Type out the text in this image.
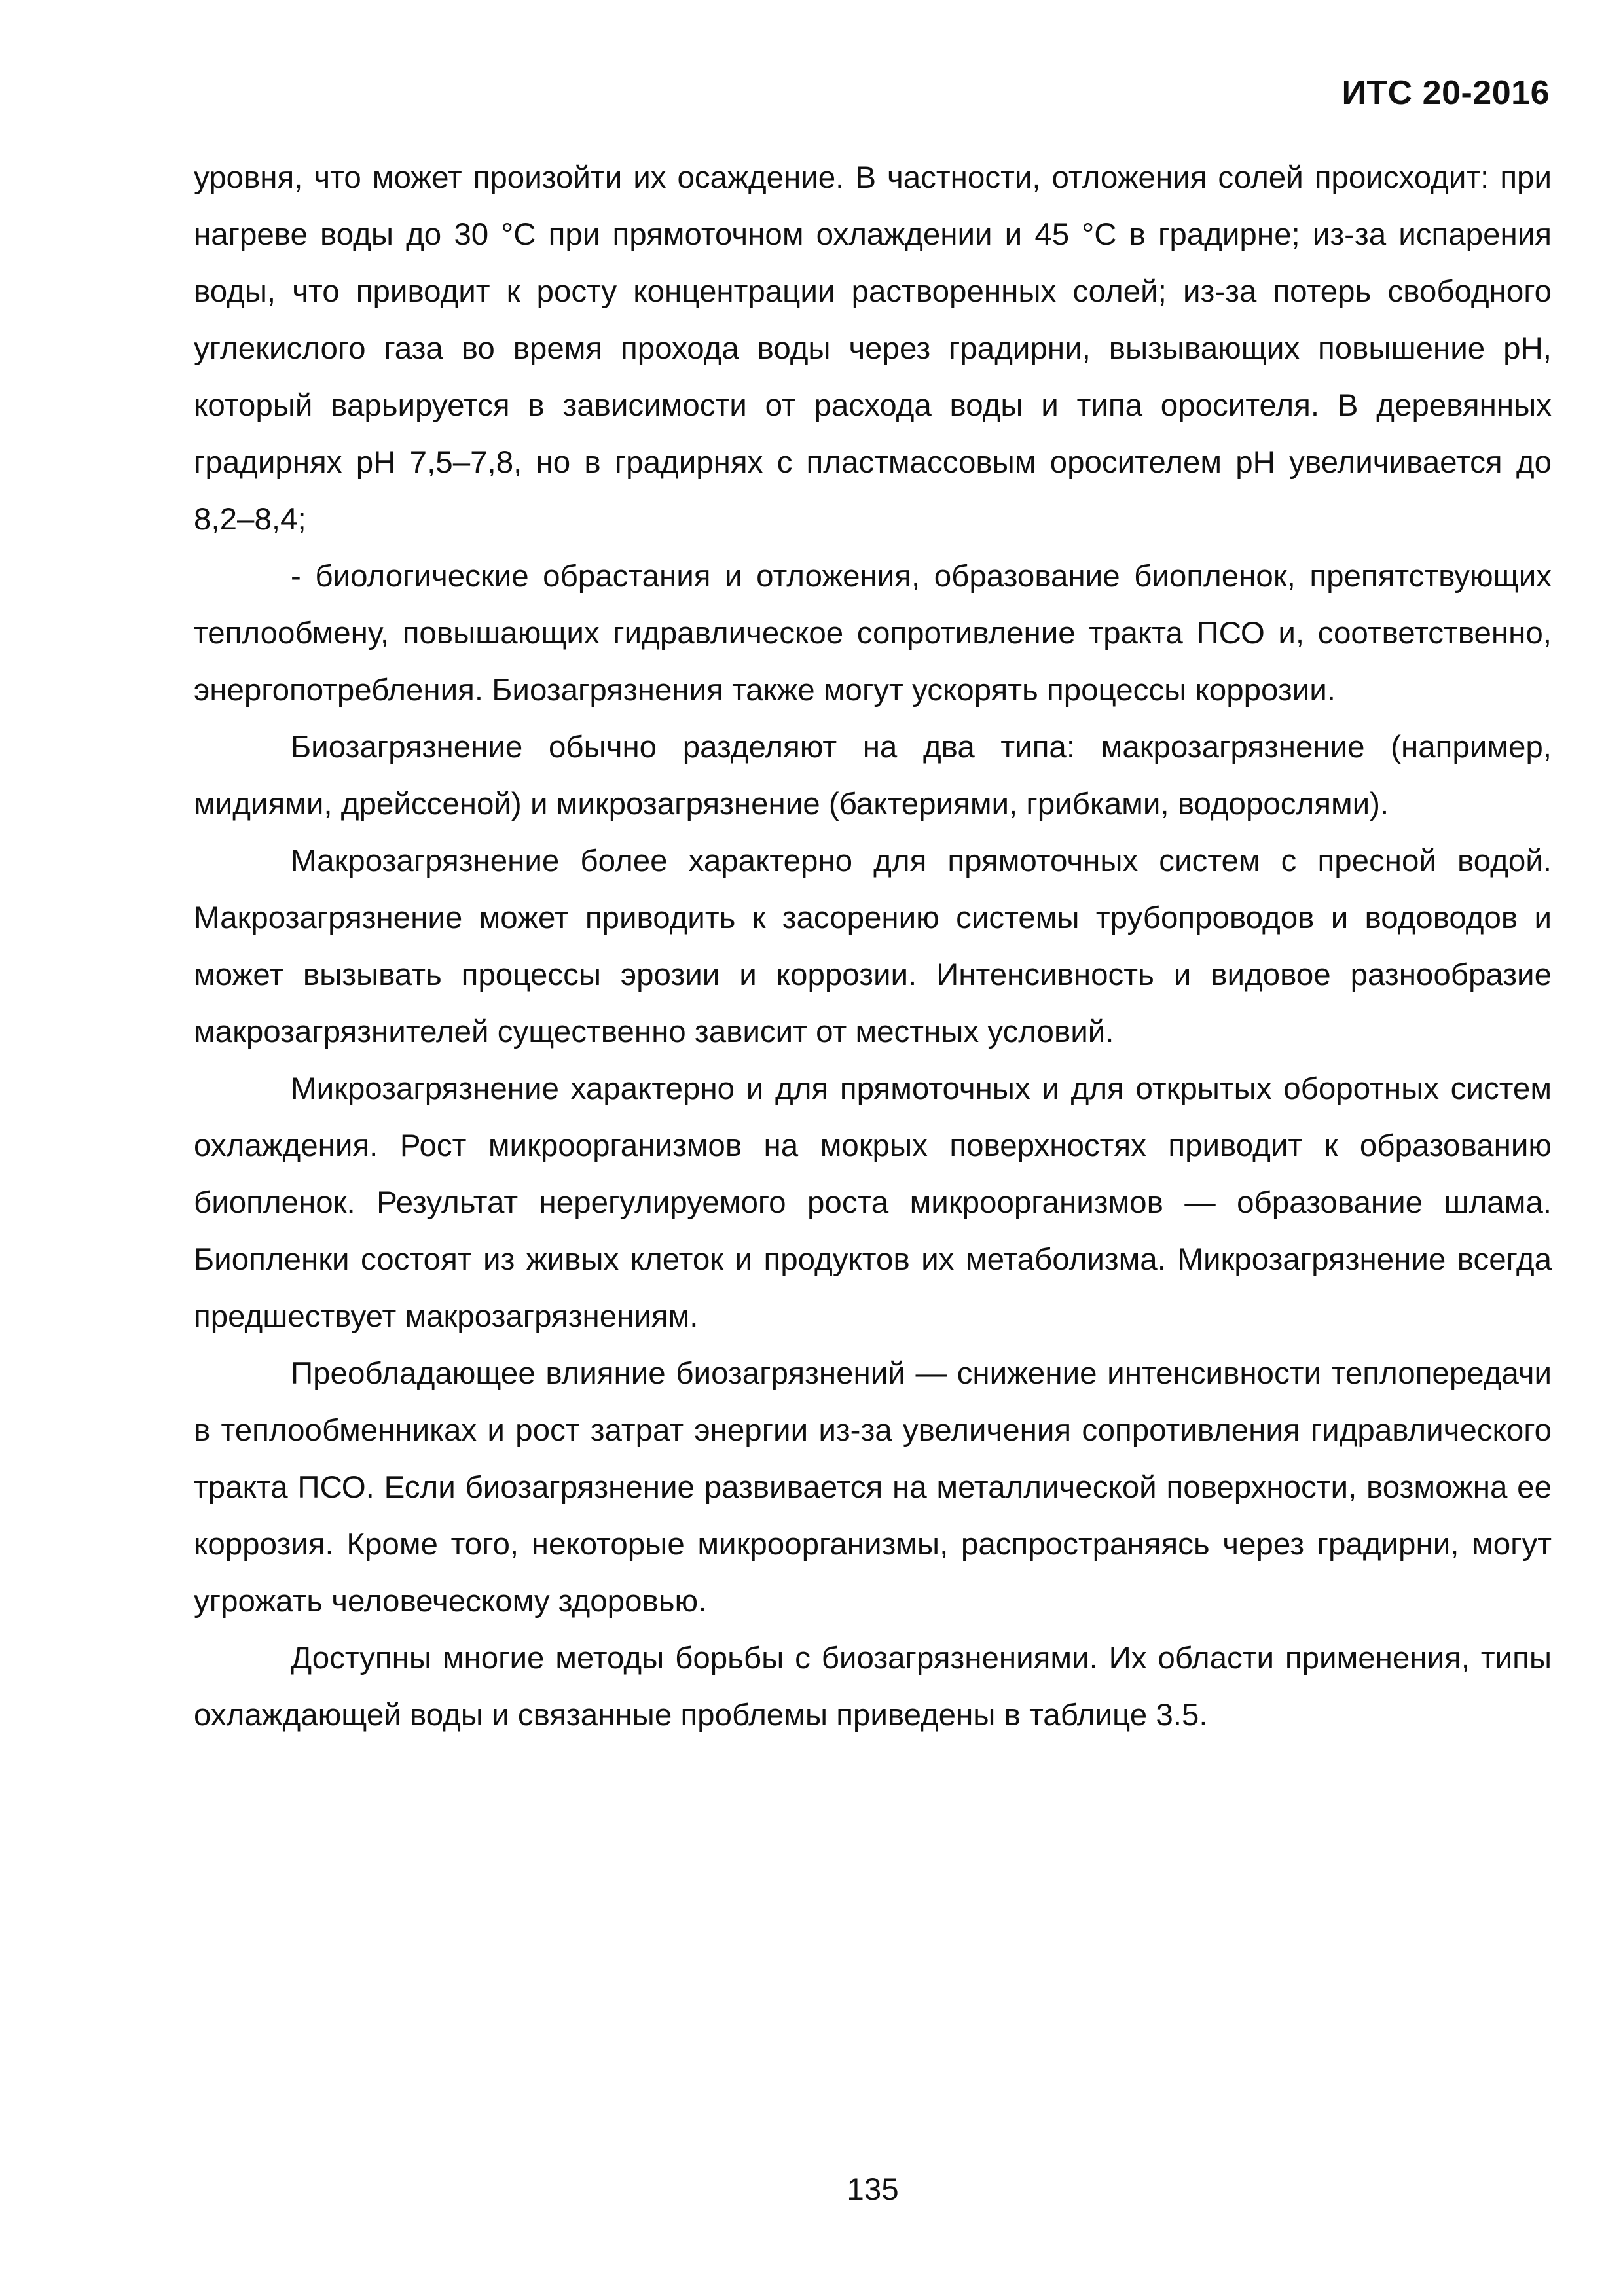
ИТС 20-2016

уровня, что может произойти их осаждение. В частности, отложения солей происходит: при нагреве воды до 30 °С при прямоточном охлаждении и 45 °С в градирне; из-за испарения воды, что приводит к росту концентрации растворенных солей; из-за потерь свободного углекислого газа во время прохода воды через градирни, вызывающих повышение рН, который варьируется в зависимости от расхода воды и типа оросителя. В деревянных градирнях рН 7,5–7,8, но в градирнях с пластмассовым оросителем рН увеличивается до 8,2–8,4;

- биологические обрастания и отложения, образование биопленок, препятствующих теплообмену, повышающих гидравлическое сопротивление тракта ПСО и, соответственно, энергопотребления. Биозагрязнения также могут ускорять процессы коррозии.

Биозагрязнение обычно разделяют на два типа: макрозагрязнение (например, мидиями, дрейссеной) и микрозагрязнение (бактериями, грибками, водорослями).

Макрозагрязнение более характерно для прямоточных систем с пресной водой. Макрозагрязнение может приводить к засорению системы трубопроводов и водоводов и может вызывать процессы эрозии и коррозии. Интенсивность и видовое разнообразие макрозагрязнителей существенно зависит от местных условий.

Микрозагрязнение характерно и для прямоточных и для открытых оборотных систем охлаждения. Рост микроорганизмов на мокрых поверхностях приводит к образованию биопленок. Результат нерегулируемого роста микроорганизмов — образование шлама. Биопленки состоят из живых клеток и продуктов их метаболизма. Микрозагрязнение всегда предшествует макрозагрязнениям.

Преобладающее влияние биозагрязнений — снижение интенсивности теплопередачи в теплообменниках и рост затрат энергии из-за увеличения сопротивления гидравлического тракта ПСО. Если биозагрязнение развивается на металлической поверхности, возможна ее коррозия. Кроме того, некоторые микроорганизмы, распространяясь через градирни, могут угрожать человеческому здоровью.

Доступны многие методы борьбы с биозагрязнениями. Их области применения, типы охлаждающей воды и связанные проблемы приведены в таблице 3.5.

135
